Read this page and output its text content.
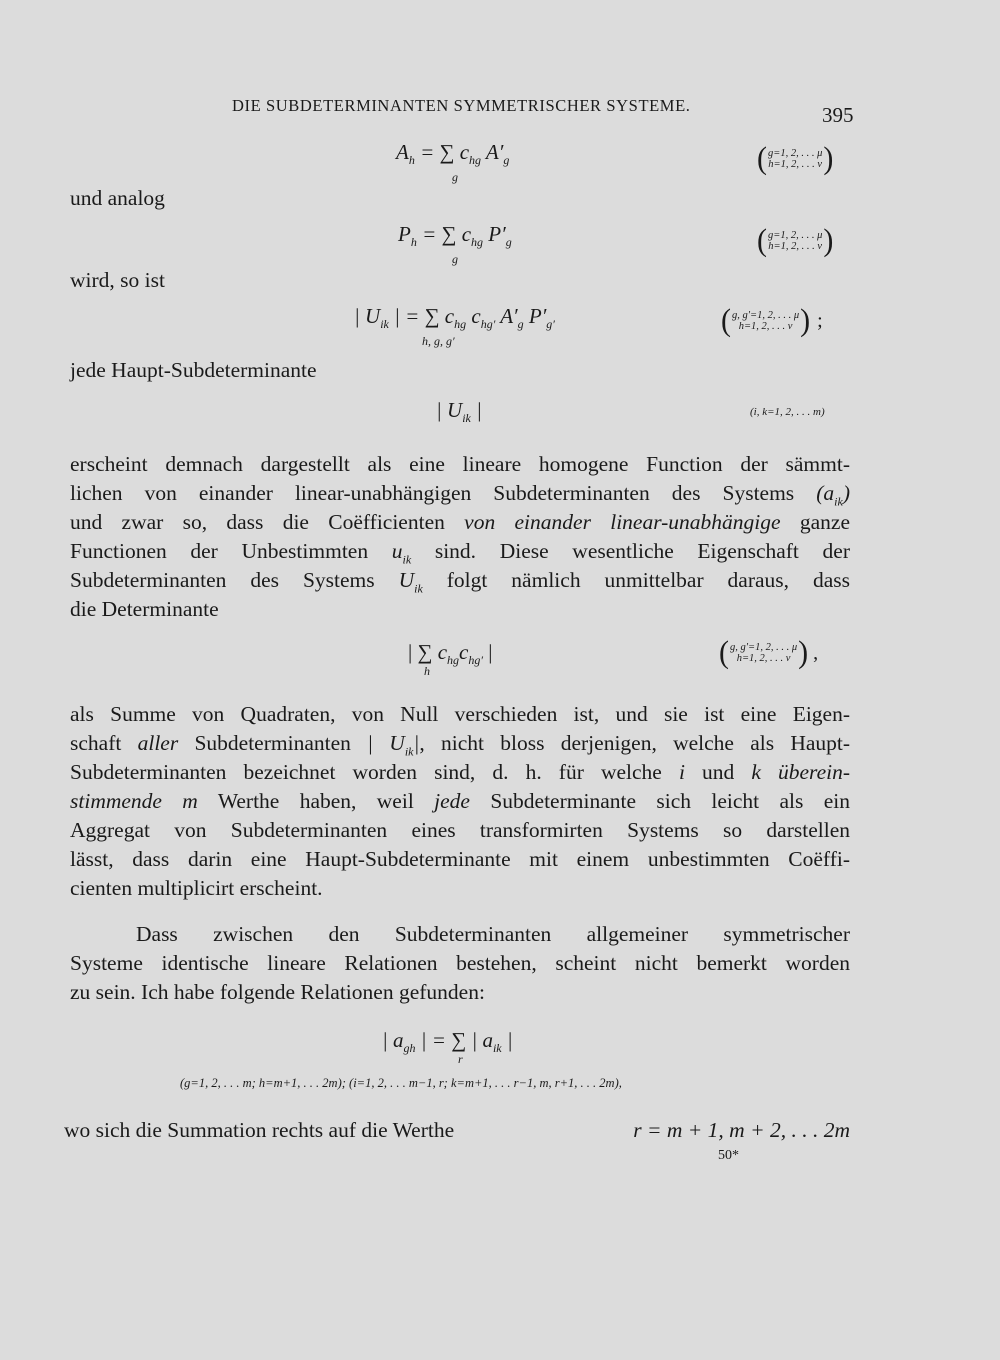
DIE SUBDETERMINANTEN SYMMETRISCHER SYSTEME.	395
$A_h$ = ∑ $c_{hg}$ $A'_g$
g
( g=1, 2, . . . μ
h=1, 2, . . . ν )
und analog
$P_h$ = ∑ $c_{hg}$ $P'_g$
g
( g=1, 2, . . . μ
h=1, 2, . . . ν )
wird, so ist
| $U_{ik}$ | = ∑ $c_{hg}$ $c_{hg'}$ $A'_g$ $P'_{g'}$
h, g, g′
( g, g′=1, 2, . . . μ
h=1, 2, . . . ν ) ;
jede Haupt-Subdeterminante
| $U_{ik}$ |	(i, k=1, 2, . . . m)
erscheint demnach dargestellt als eine lineare homogene Function der sämmt-
lichen von einander linear-unabhängigen Subdeterminanten des Systems $(a_{ik})$
und zwar so, dass die Coëfficienten von einander linear-unabhängige ganze
Functionen der Unbestimmten $u_{ik}$ sind. Diese wesentliche Eigenschaft der
Subdeterminanten des Systems $U_{ik}$ folgt nämlich unmittelbar daraus, dass
die Determinante
| ∑ $c_{hg}c_{hg'}$ |
h
( g, g′=1, 2, . . . μ
h=1, 2, . . . ν ) ,
als Summe von Quadraten, von Null verschieden ist, und sie ist eine Eigen-
schaft aller Subdeterminanten | $U_{ik}|$, nicht bloss derjenigen, welche als Haupt-
Subdeterminanten bezeichnet worden sind, d. h. für welche i und k überein-
stimmende m Werthe haben, weil jede Subdeterminante sich leicht als ein
Aggregat von Subdeterminanten eines transformirten Systems so darstellen
lässt, dass darin eine Haupt-Subdeterminante mit einem unbestimmten Coëffi-
cienten multiplicirt erscheint.
Dass zwischen den Subdeterminanten allgemeiner symmetrischer
Systeme identische lineare Relationen bestehen, scheint nicht bemerkt worden
zu sein. Ich habe folgende Relationen gefunden:
| $a_{gh}$ | = ∑ | $a_{ik}$ |
r
(g=1, 2, . . . m; h=m+1, . . . 2m); (i=1, 2, . . . m−1, r; k=m+1, . . . r−1, m, r+1, . . . 2m),
wo sich die Summation rechts auf die Werthe	r = m + 1, m + 2, . . . 2m
50*
